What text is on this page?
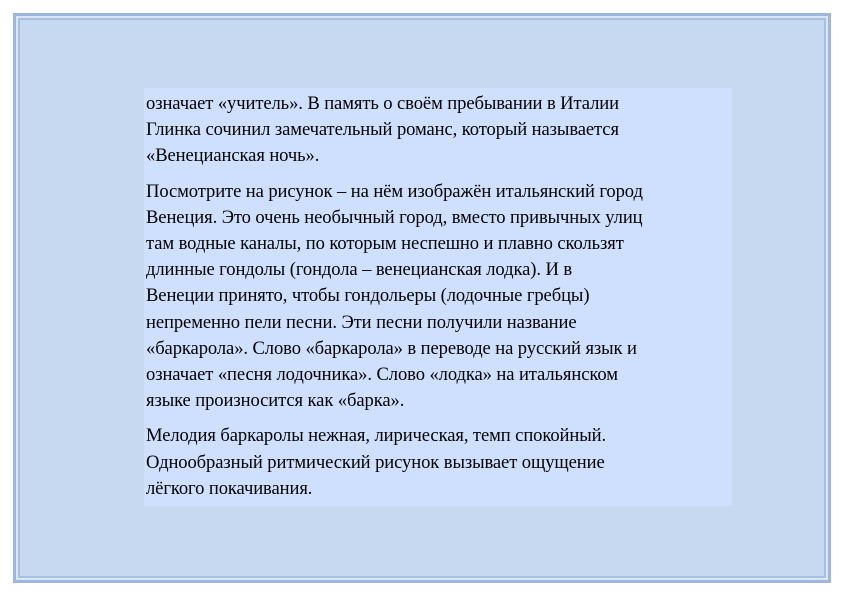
означает «учитель». В память о своём пребывании в Италии
Глинка сочинил замечательный романс, который называется
«Венецианская ночь».

Посмотрите на рисунок – на нём изображён итальянский город
Венеция. Это очень необычный город, вместо привычных улиц
там водные каналы, по которым неспешно и плавно скользят
длинные гондолы (гондола – венецианская лодка). И в
Венеции принято, чтобы гондольеры (лодочные гребцы)
непременно пели песни. Эти песни получили название
«баркарола». Слово «баркарола» в переводе на русский язык и
означает «песня лодочника». Слово «лодка» на итальянском
языке произносится как «барка».

Мелодия баркаролы нежная, лирическая, темп спокойный.
Однообразный ритмический рисунок вызывает ощущение
лёгкого покачивания.
